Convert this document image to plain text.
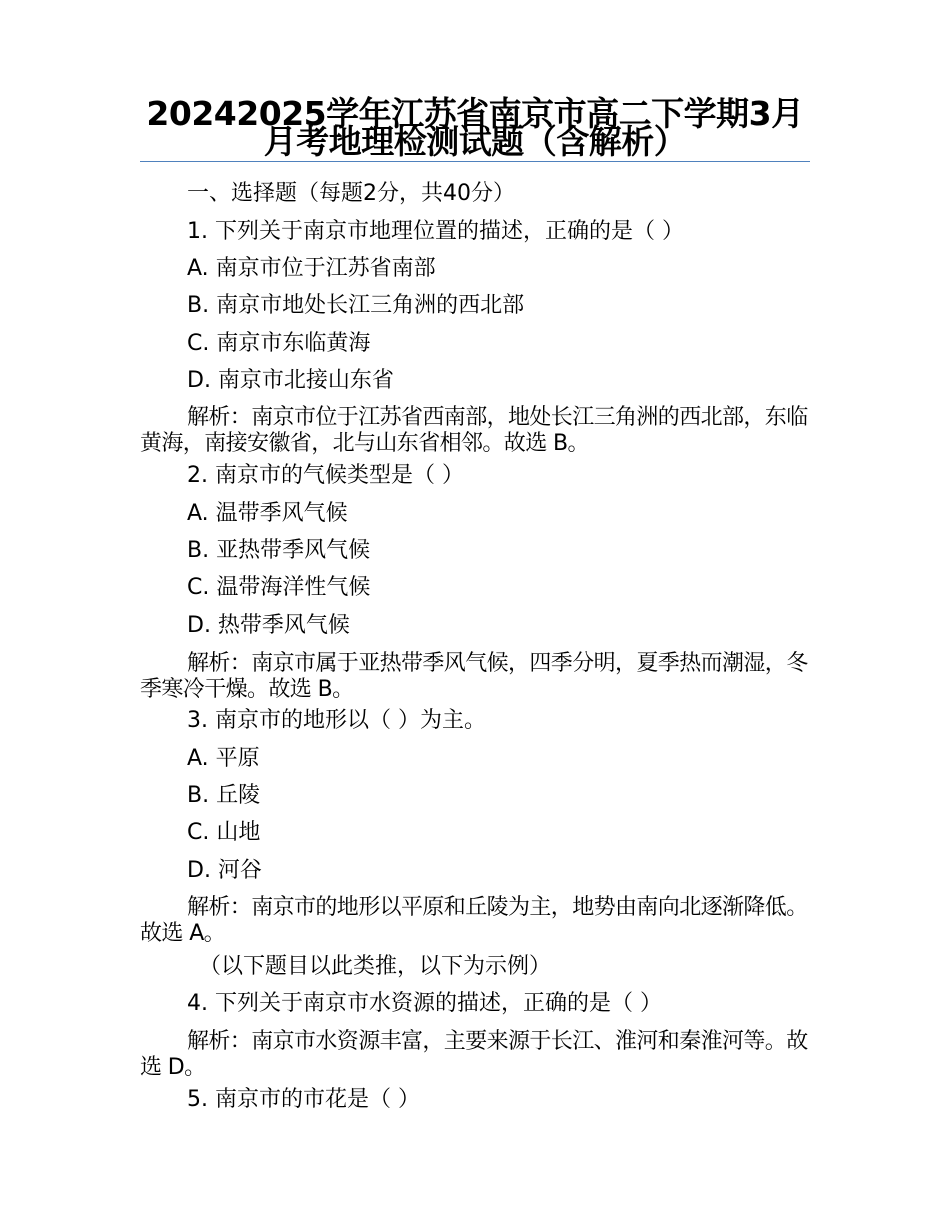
20242025学年江苏省南京市高二下学期3月月考地理检测试题（含解析）
一、选择题（每题2分，共40分）
1. 下列关于南京市地理位置的描述，正确的是（ ）
A. 南京市位于江苏省南部
B. 南京市地处长江三角洲的西北部
C. 南京市东临黄海
D. 南京市北接山东省

解析：南京市位于江苏省西南部，地处长江三角洲的西北部，东临黄海，南接安徽省，北与山东省相邻。故选 B。

2. 南京市的气候类型是（ ）
A. 温带季风气候
B. 亚热带季风气候
C. 温带海洋性气候
D. 热带季风气候

解析：南京市属于亚热带季风气候，四季分明，夏季热而潮湿，冬季寒冷干燥。故选 B。

3. 南京市的地形以（ ）为主。
A. 平原
B. 丘陵
C. 山地
D. 河谷

解析：南京市的地形以平原和丘陵为主，地势由南向北逐渐降低。故选 A。

（以下题目以此类推，以下为示例）
4. 下列关于南京市水资源的描述，正确的是（ ）

解析：南京市水资源丰富，主要来源于长江、淮河和秦淮河等。故选 D。

5. 南京市的市花是（ ）
